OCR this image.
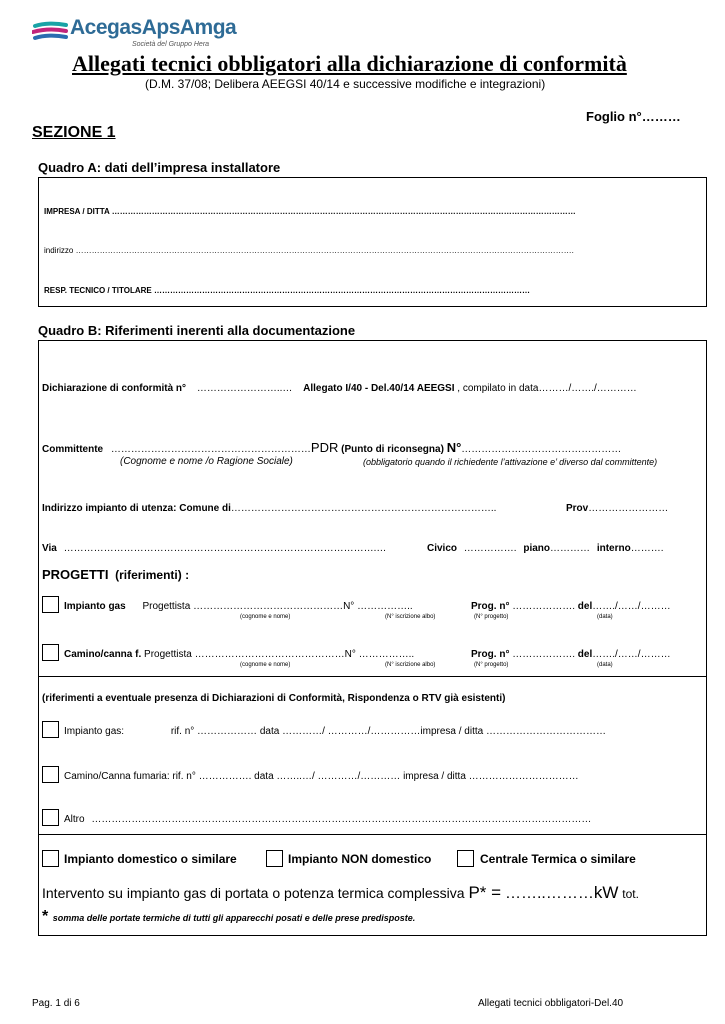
AcegasApsAmga
Società del Gruppo Hera
Allegati tecnici obbligatori alla dichiarazione di conformità
(D.M. 37/08; Delibera AEEGSI 40/14 e successive modifiche e integrazioni)
Foglio n°………
SEZIONE 1
Quadro A: dati dell’impresa installatore
IMPRESA / DITTA …………………………………………………………………………………………………………………………………………………………
indirizzo …………………………………………………………………………………………………………………………………………………………………….
RESP. TECNICO / TITOLARE ……………………………………………………………………………………………………………………………
Quadro B: Riferimenti inerenti alla documentazione
Dichiarazione di conformità n° ……………………..… Allegato I/40 - Del.40/14 AEEGSI , compilato in data………/……./…………
Committente ……………………………………………………PDR (Punto di riconsegna) N°…………………………………………
(Cognome e nome /o Ragione Sociale)	(obbligatorio quando il richiedente l’attivazione e’ diverso dal committente)
Indirizzo impianto di utenza: Comune di……………………………………………………………………..	Prov……………………
Via ………………………………………………………………………………….…	Civico ……………. piano………… interno……….
PROGETTI (riferimenti) :
Impianto gas Progettista ………………………………………N° ……………..	Prog. n° ………………. del……./……/………
(cognome e nome)	(N° iscrizione albo)	(N° progetto)	(data)
Camino/canna f. Progettista ………………………………………N° ……………..	Prog. n° ………………. del……./……/………
(cognome e nome)	(N° iscrizione albo)	(N° progetto)	(data)
(riferimenti a eventuale presenza di Dichiarazioni di Conformità, Rispondenza o RTV già esistenti)
Impianto gas:	rif. n° ……………… data …………/ …………/……………impresa / ditta ………………………………
Camino/Canna fumaria: rif. n° ……………. data ……..…/ …………/………… impresa / ditta ……………………………
Altro ……………………………………………………………………………………………………………………………………
Impianto domestico o similare	Impianto NON domestico	Centrale Termica o similare
Intervento su impianto gas di portata o potenza termica complessiva P* = ……..………kW tot.
* somma delle portate termiche di tutti gli apparecchi posati e delle prese predisposte.
Pag. 1 di 6	Allegati tecnici obbligatori-Del.40
